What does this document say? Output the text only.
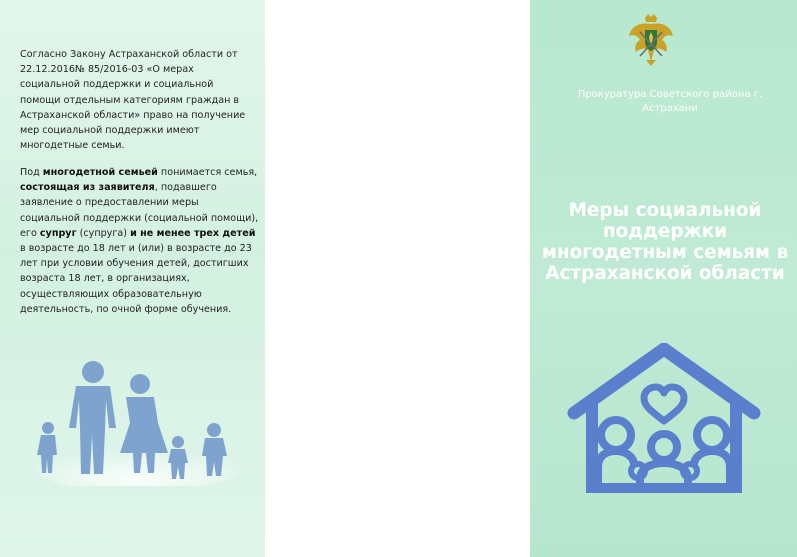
Согласно Закону Астраханской области от 22.12.2016№ 85/2016-03 «О мерах социальной поддержки и социальной помощи отдельным категориям граждан в Астраханской области» право на получение мер социальной поддержки имеют многодетные семьи.

Под многодетной семьей понимается семья, состоящая из заявителя, подавшего заявление о предоставлении меры социальной поддержки (социальной помощи), его супруг (супруга) и не менее трех детей в возрасте до 18 лет и (или) в возрасте до 23 лет при условии обучения детей, достигших возраста 18 лет, в организациях, осуществляющих образовательную деятельность, по очной форме обучения.

Прокуратура Советского района г. Астрахани
Меры социальной поддержки многодетным семьям в Астраханской области
